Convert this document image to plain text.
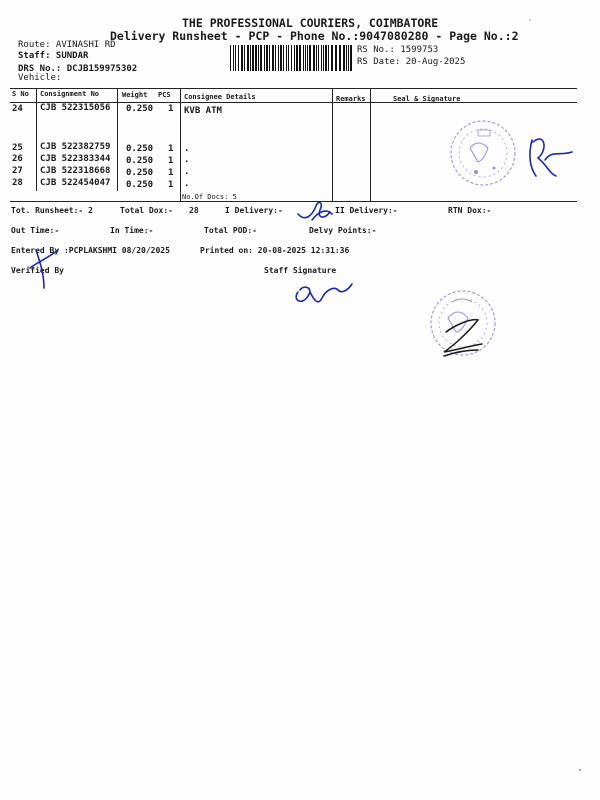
THE PROFESSIONAL COURIERS, COIMBATORE
Delivery Runsheet - PCP - Phone No.:9047080280 - Page No.:2
Route: AVINASHI RD
Staff: SUNDAR
DRS No.: DCJB159975302
Vehicle:
RS No.: 1599753
RS Date: 20-Aug-2025
S No Consignment No	Weight PCS Consignee Details	Remarks	Seal & Signature
24 CJB 522315056 0.250 1 KVB ATM
25 CJB 522382759 0.250 1 .
26 CJB 522383344 0.250 1 .
27 CJB 522318668 0.250 1 .
28 CJB 522454047 0.250 1 .
No.Of Docs: 5
Tot. Runsheet:- 2	Total Dox:- 28	I Delivery:-	II Delivery:-	RTN Dox:-
Out Time:-	In Time:-	Total POD:-	Delvy Points:-
Entered By :PCPLAKSHMI 08/20/2025	Printed on: 20-08-2025 12:31:36
Verified By	Staff Signature
